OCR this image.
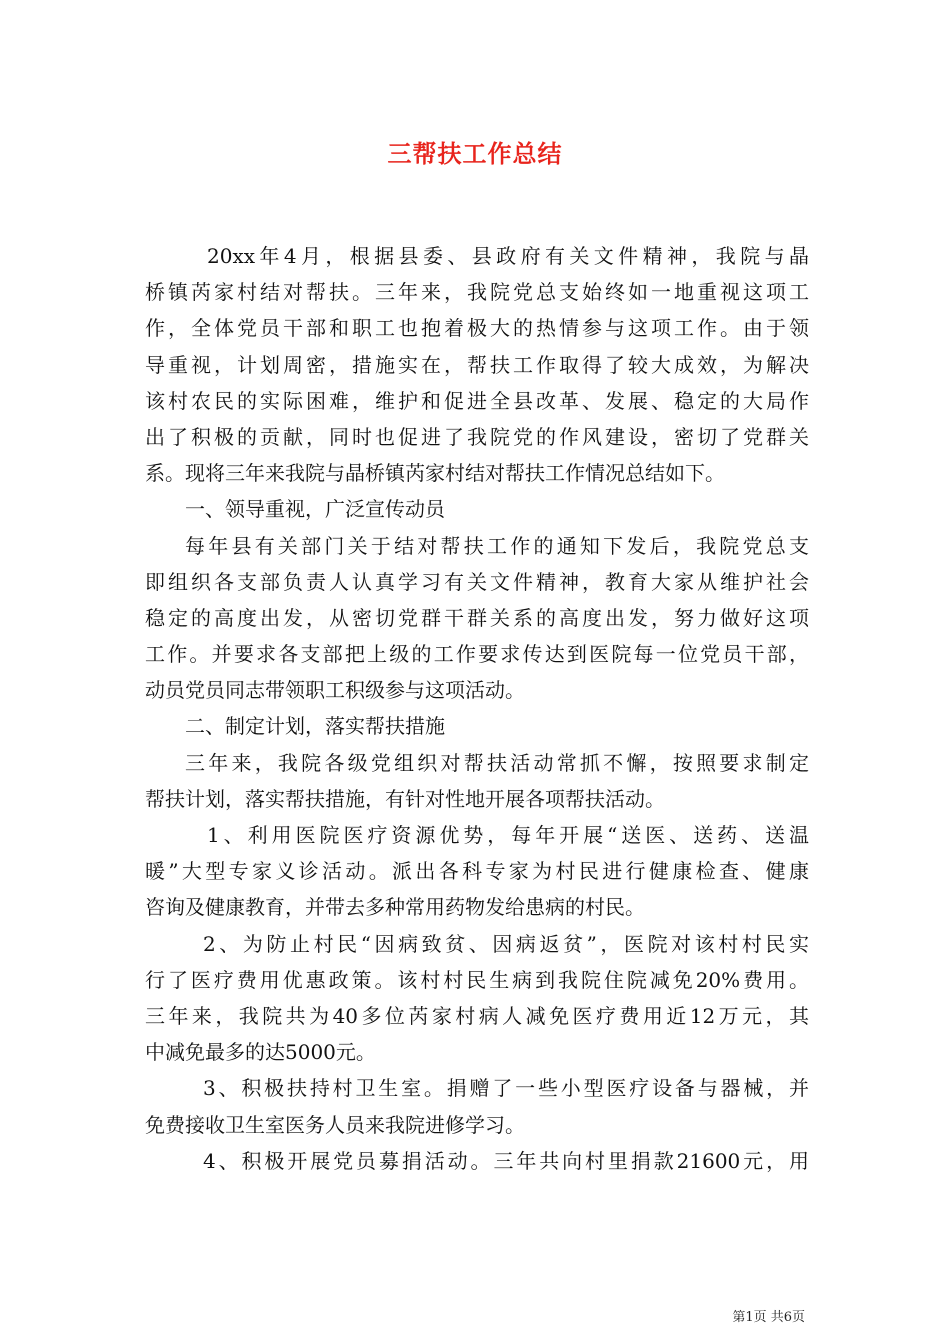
三帮扶工作总结
20xx年4月，根据县委、县政府有关文件精神，我院与晶
桥镇芮家村结对帮扶。三年来，我院党总支始终如一地重视这项工
作，全体党员干部和职工也抱着极大的热情参与这项工作。由于领
导重视，计划周密，措施实在，帮扶工作取得了较大成效，为解决
该村农民的实际困难，维护和促进全县改革、发展、稳定的大局作
出了积极的贡献，同时也促进了我院党的作风建设，密切了党群关
系。现将三年来我院与晶桥镇芮家村结对帮扶工作情况总结如下。
一、领导重视，广泛宣传动员
每年县有关部门关于结对帮扶工作的通知下发后，我院党总支
即组织各支部负责人认真学习有关文件精神，教育大家从维护社会
稳定的高度出发，从密切党群干群关系的高度出发，努力做好这项
工作。并要求各支部把上级的工作要求传达到医院每一位党员干部，
动员党员同志带领职工积级参与这项活动。
二、制定计划，落实帮扶措施
三年来，我院各级党组织对帮扶活动常抓不懈，按照要求制定
帮扶计划，落实帮扶措施，有针对性地开展各项帮扶活动。
1、利用医院医疗资源优势，每年开展“送医、送药、送温
暖”大型专家义诊活动。派出各科专家为村民进行健康检查、健康
咨询及健康教育，并带去多种常用药物发给患病的村民。
2、为防止村民“因病致贫、因病返贫”，医院对该村村民实
行了医疗费用优惠政策。该村村民生病到我院住院减免20%费用。
三年来，我院共为40多位芮家村病人减免医疗费用近12万元，其
中减免最多的达5000元。
3、积极扶持村卫生室。捐赠了一些小型医疗设备与器械，并
免费接收卫生室医务人员来我院进修学习。
4、积极开展党员募捐活动。三年共向村里捐款21600元，用
第1页 共6页
